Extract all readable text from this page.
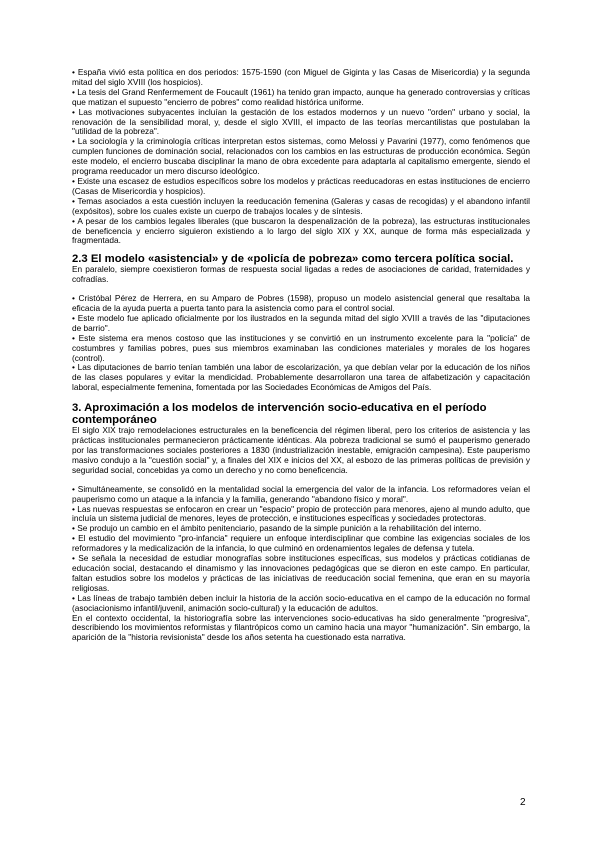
• España vivió esta política en dos periodos: 1575-1590 (con Miguel de Giginta y las Casas de Misericordia) y la segunda mitad del siglo XVIII (los hospicios).

• La tesis del Grand Renfermement de Foucault (1961) ha tenido gran impacto, aunque ha generado controversias y críticas que matizan el supuesto "encierro de pobres" como realidad histórica uniforme.

• Las motivaciones subyacentes incluían la gestación de los estados modernos y un nuevo "orden" urbano y social, la renovación de la sensibilidad moral, y, desde el siglo XVIII, el impacto de las teorías mercantilistas que postulaban la "utilidad de la pobreza".

• La sociología y la criminología críticas interpretan estos sistemas, como Melossi y Pavarini (1977), como fenómenos que cumplen funciones de dominación social, relacionados con los cambios en las estructuras de producción económica. Según este modelo, el encierro buscaba disciplinar la mano de obra excedente para adaptarla al capitalismo emergente, siendo el programa reeducador un mero discurso ideológico.

• Existe una escasez de estudios específicos sobre los modelos y prácticas reeducadoras en estas instituciones de encierro (Casas de Misericordia y hospicios).

• Temas asociados a esta cuestión incluyen la reeducación femenina (Galeras y casas de recogidas) y el abandono infantil (expósitos), sobre los cuales existe un cuerpo de trabajos locales y de síntesis.

• A pesar de los cambios legales liberales (que buscaron la despenalización de la pobreza), las estructuras institucionales de beneficencia y encierro siguieron existiendo a lo largo del siglo XIX y XX, aunque de forma más especializada y fragmentada.

2.3 El modelo «asistencial» y de «policía de pobreza» como tercera política social.

En paralelo, siempre coexistieron formas de respuesta social ligadas a redes de asociaciones de caridad, fraternidades y cofradías.

• Cristóbal Pérez de Herrera, en su Amparo de Pobres (1598), propuso un modelo asistencial general que resaltaba la eficacia de la ayuda puerta a puerta tanto para la asistencia como para el control social.

• Este modelo fue aplicado oficialmente por los ilustrados en la segunda mitad del siglo XVIII a través de las "diputaciones de barrio".

• Este sistema era menos costoso que las instituciones y se convirtió en un instrumento excelente para la "policía" de costumbres y familias pobres, pues sus miembros examinaban las condiciones materiales y morales de los hogares (control).

• Las diputaciones de barrio tenían también una labor de escolarización, ya que debían velar por la educación de los niños de las clases populares y evitar la mendicidad. Probablemente desarrollaron una tarea de alfabetización y capacitación laboral, especialmente femenina, fomentada por las Sociedades Económicas de Amigos del País.

3. Aproximación a los modelos de intervención socio-educativa en el período contemporáneo

El siglo XIX trajo remodelaciones estructurales en la beneficencia del régimen liberal, pero los criterios de asistencia y las prácticas institucionales permanecieron prácticamente idénticas. Ala pobreza tradicional se sumó el pauperismo generado por las transformaciones sociales posteriores a 1830 (industrialización inestable, emigración campesina). Este pauperismo masivo condujo a la "cuestión social" y, a finales del XIX e inicios del XX, al esbozo de las primeras políticas de previsión y seguridad social, concebidas ya como un derecho y no como beneficencia.

• Simultáneamente, se consolidó en la mentalidad social la emergencia del valor de la infancia. Los reformadores veían el pauperismo como un ataque a la infancia y la familia, generando "abandono físico y moral".

• Las nuevas respuestas se enfocaron en crear un "espacio" propio de protección para menores, ajeno al mundo adulto, que incluía un sistema judicial de menores, leyes de protección, e instituciones específicas y sociedades protectoras.

• Se produjo un cambio en el ámbito penitenciario, pasando de la simple punición a la rehabilitación del interno.

• El estudio del movimiento "pro-infancia" requiere un enfoque interdisciplinar que combine las exigencias sociales de los reformadores y la medicalización de la infancia, lo que culminó en ordenamientos legales de defensa y tutela.

• Se señala la necesidad de estudiar monografías sobre instituciones específicas, sus modelos y prácticas cotidianas de educación social, destacando el dinamismo y las innovaciones pedagógicas que se dieron en este campo. En particular, faltan estudios sobre los modelos y prácticas de las iniciativas de reeducación social femenina, que eran en su mayoría religiosas.

• Las líneas de trabajo también deben incluir la historia de la acción socio-educativa en el campo de la educación no formal (asociacionismo infantil/juvenil, animación socio-cultural) y la educación de adultos.

En el contexto occidental, la historiografía sobre las intervenciones socio-educativas ha sido generalmente "progresiva", describiendo los movimientos reformistas y filantrópicos como un camino hacia una mayor "humanización". Sin embargo, la aparición de la "historia revisionista" desde los años setenta ha cuestionado esta narrativa.

2
